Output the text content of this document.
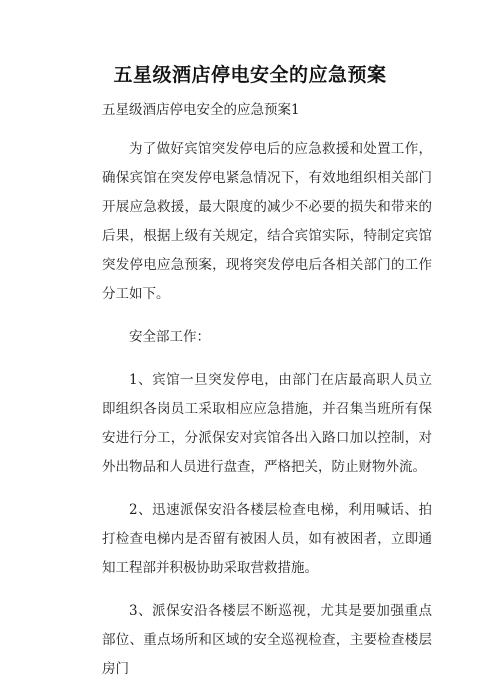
五星级酒店停电安全的应急预案

五星级酒店停电安全的应急预案1

为了做好宾馆突发停电后的应急救援和处置工作，确保宾馆在突发停电紧急情况下，有效地组织相关部门开展应急救援，最大限度的减少不必要的损失和带来的后果，根据上级有关规定，结合宾馆实际，特制定宾馆突发停电应急预案，现将突发停电后各相关部门的工作分工如下。

安全部工作：

1、宾馆一旦突发停电，由部门在店最高职人员立即组织各岗员工采取相应应急措施，并召集当班所有保安进行分工，分派保安对宾馆各出入路口加以控制，对外出物品和人员进行盘查，严格把关，防止财物外流。

2、迅速派保安沿各楼层检查电梯，利用喊话、拍打检查电梯内是否留有被困人员，如有被困者，立即通知工程部并积极协助采取营救措施。

3、派保安沿各楼层不断巡视，尤其是要加强重点部位、重点场所和区域的安全巡视检查，主要检查楼层房门
